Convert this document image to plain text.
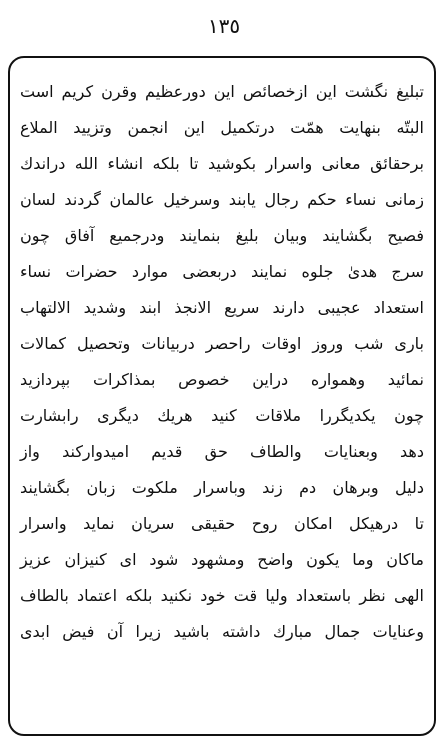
١٣٥
تبليغ نگشت اين ازخصائص اين دورعظيم وقرن كريم است
البتّه بنهايت همّت درتكميل اين انجمن وتزييد الملاع
برحقائق معانى واسرار بكوشيد تا بلكه انشاء الله دراندك
زمانى نساء حكم رجال يابند وسرخيل عالمان گردند لسان
فصيح بگشايند وبيان بليغ بنمايند ودرجميع آفاق چون
سرج هدىٰ جلوه نمايند دربعضى موارد حضرات نساء
استعداد عجيبى دارند سريع الانجذ ابند وشديد الالتهاب
بارى شب وروز اوقات راحصر دربيانات وتحصيل كمالات
نمائيد وهمواره دراين خصوص بمذاكرات بپردازيد
چون يكديگررا ملاقات كنيد هريك ديگرى رابشارت
دهد وبعنايات والطاف حق قديم اميدواركند واز
دليل وبرهان دم زند وباسرار ملكوت زبان بگشايند
تا درهيكل امكان روح حقيقى سريان نمايد واسرار
ماكان وما يكون واضح ومشهود شود اى كنيزان عزيز
الهى نظر باستعداد وليا قت خود نكنيد بلكه اعتماد بالطاف
وعنايات جمال مبارك داشته باشيد زيرا آن فيض ابدى
